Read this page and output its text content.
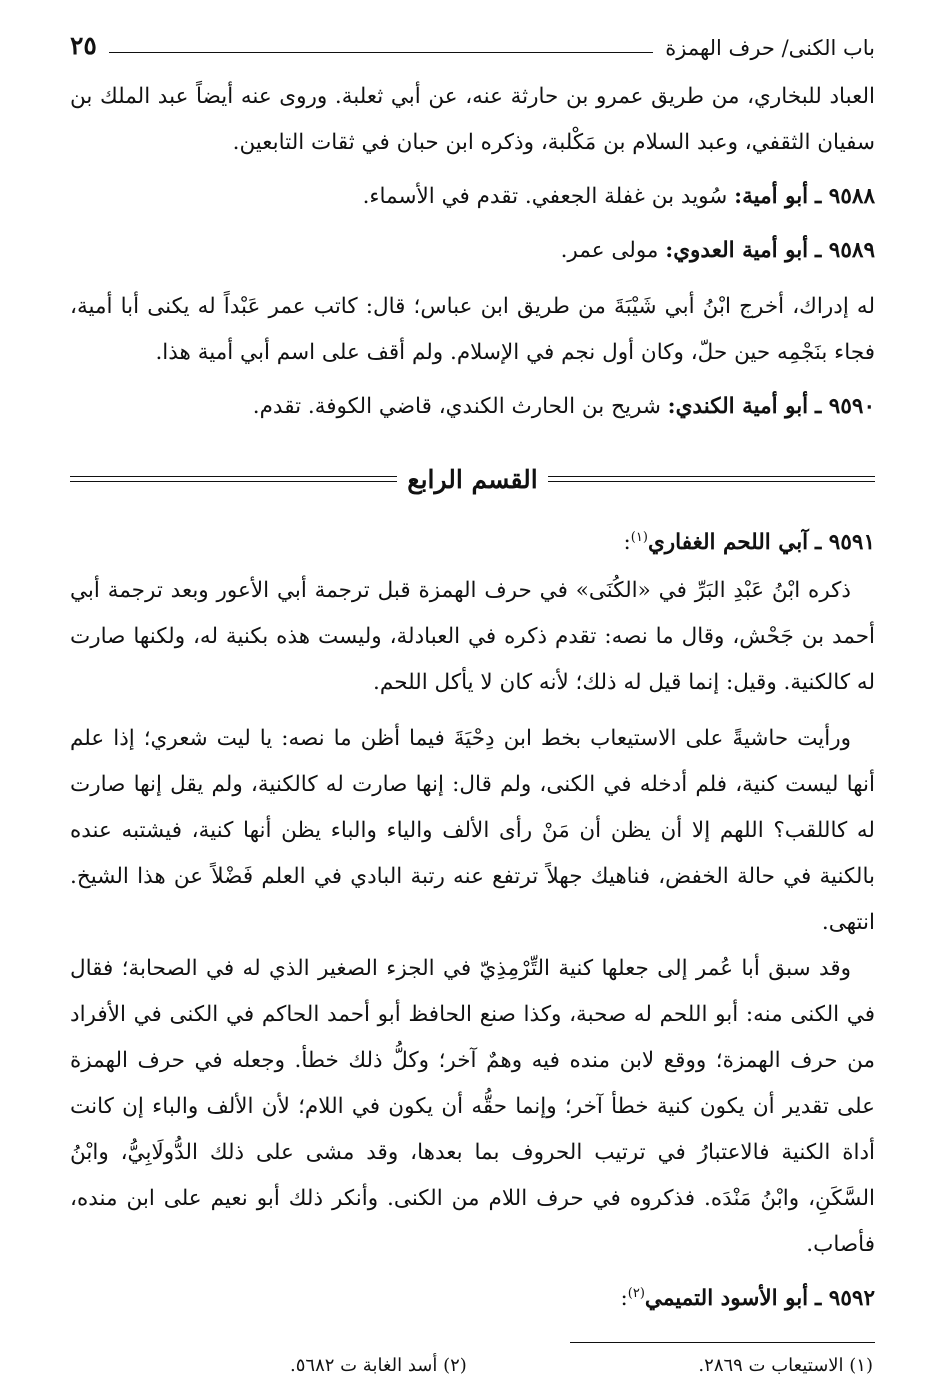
باب الكنى/ حرف الهمزة
٢٥

العباد للبخاري، من طريق عمرو بن حارثة عنه، عن أبي ثعلبة. وروى عنه أيضاً عبد الملك بن سفيان الثقفي، وعبد السلام بن مَكْلبة، وذكره ابن حبان في ثقات التابعين.

٩٥٨٨ ـ أبو أمية: سُويد بن غفلة الجعفي. تقدم في الأسماء.

٩٥٨٩ ـ أبو أمية العدوي: مولى عمر.

له إدراك، أخرج ابْنُ أبي شَيْبَةَ من طريق ابن عباس؛ قال: كاتب عمر عَبْداً له يكنى أبا أمية، فجاء بنَجْمِه حين حلّ، وكان أول نجم في الإسلام. ولم أقف على اسم أبي أمية هذا.

٩٥٩٠ ـ أبو أمية الكندي: شريح بن الحارث الكندي، قاضي الكوفة. تقدم.

القسم الرابع

٩٥٩١ ـ آبي اللحم الغفاري$^{(١)}$:

ذكره ابْنُ عَبْدِ البَرِّ في «الكُنَى» في حرف الهمزة قبل ترجمة أبي الأعور وبعد ترجمة أبي أحمد بن جَحْش، وقال ما نصه: تقدم ذكره في العبادلة، وليست هذه بكنية له، ولكنها صارت له كالكنية. وقيل: إنما قيل له ذلك؛ لأنه كان لا يأكل اللحم.

ورأيت حاشيةً على الاستيعاب بخط ابن دِحْيَةَ فيما أظن ما نصه: يا ليت شعري؛ إذا علم أنها ليست كنية، فلم أدخله في الكنى، ولم قال: إنها صارت له كالكنية، ولم يقل إنها صارت له كاللقب؟ اللهم إلا أن يظن أن مَنْ رأى الألف والياء والباء يظن أنها كنية، فيشتبه عنده بالكنية في حالة الخفض، فناهيك جهلاً ترتفع عنه رتبة البادي في العلم فَضْلاً عن هذا الشيخ. انتهى.

وقد سبق أبا عُمر إلى جعلها كنية التِّرْمِذِيّ في الجزء الصغير الذي له في الصحابة؛ فقال في الكنى منه: أبو اللحم له صحبة، وكذا صنع الحافظ أبو أحمد الحاكم في الكنى في الأفراد من حرف الهمزة؛ ووقع لابن منده فيه وهمٌ آخر؛ وكلُّ ذلك خطأ. وجعله في حرف الهمزة على تقدير أن يكون كنية خطأ آخر؛ وإنما حقُّه أن يكون في اللام؛ لأن الألف والباء إن كانت أداة الكنية فالاعتبارُ في ترتيب الحروف بما بعدها، وقد مشى على ذلك الدُّولَابِيُّ، وابْنُ السَّكَنِ، وابْنُ مَنْدَه. فذكروه في حرف اللام من الكنى. وأنكر ذلك أبو نعيم على ابن منده، فأصاب.

٩٥٩٢ ـ أبو الأسود التميمي$^{(٢)}$:

(١) الاستيعاب ت ٢٨٦٩.
(٢) أسد الغابة ت ٥٦٨٢.
